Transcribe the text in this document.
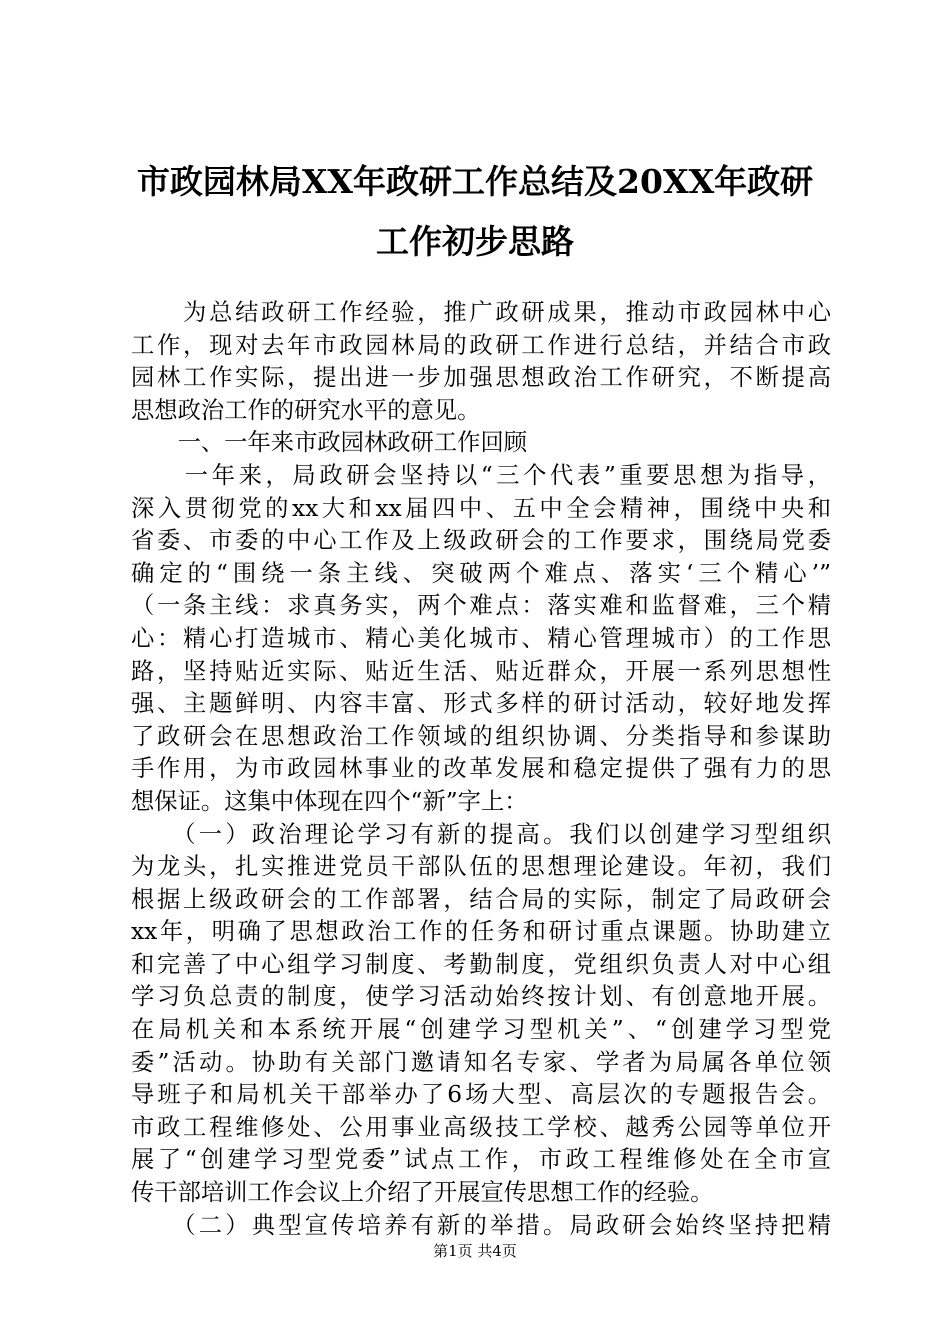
市政园林局XX年政研工作总结及20XX年政研
工作初步思路
　　为总结政研工作经验，推广政研成果，推动市政园林中心
工作，现对去年市政园林局的政研工作进行总结，并结合市政
园林工作实际，提出进一步加强思想政治工作研究，不断提高
思想政治工作的研究水平的意见。
　　一、一年来市政园林政研工作回顾
　　一年来，局政研会坚持以“三个代表”重要思想为指导，
深入贯彻党的xx大和xx届四中、五中全会精神，围绕中央和
省委、市委的中心工作及上级政研会的工作要求，围绕局党委
确定的“围绕一条主线、突破两个难点、落实‘三个精心’”
（一条主线：求真务实，两个难点：落实难和监督难，三个精
心：精心打造城市、精心美化城市、精心管理城市）的工作思
路，坚持贴近实际、贴近生活、贴近群众，开展一系列思想性
强、主题鲜明、内容丰富、形式多样的研讨活动，较好地发挥
了政研会在思想政治工作领域的组织协调、分类指导和参谋助
手作用，为市政园林事业的改革发展和稳定提供了强有力的思
想保证。这集中体现在四个“新”字上：
　　（一）政治理论学习有新的提高。我们以创建学习型组织
为龙头，扎实推进党员干部队伍的思想理论建设。年初，我们
根据上级政研会的工作部署，结合局的实际，制定了局政研会
xx年，明确了思想政治工作的任务和研讨重点课题。协助建立
和完善了中心组学习制度、考勤制度，党组织负责人对中心组
学习负总责的制度，使学习活动始终按计划、有创意地开展。
在局机关和本系统开展“创建学习型机关”、“创建学习型党
委”活动。协助有关部门邀请知名专家、学者为局属各单位领
导班子和局机关干部举办了6场大型、高层次的专题报告会。
市政工程维修处、公用事业高级技工学校、越秀公园等单位开
展了“创建学习型党委”试点工作，市政工程维修处在全市宣
传干部培训工作会议上介绍了开展宣传思想工作的经验。
　　（二）典型宣传培养有新的举措。局政研会始终坚持把精
第1页 共4页
